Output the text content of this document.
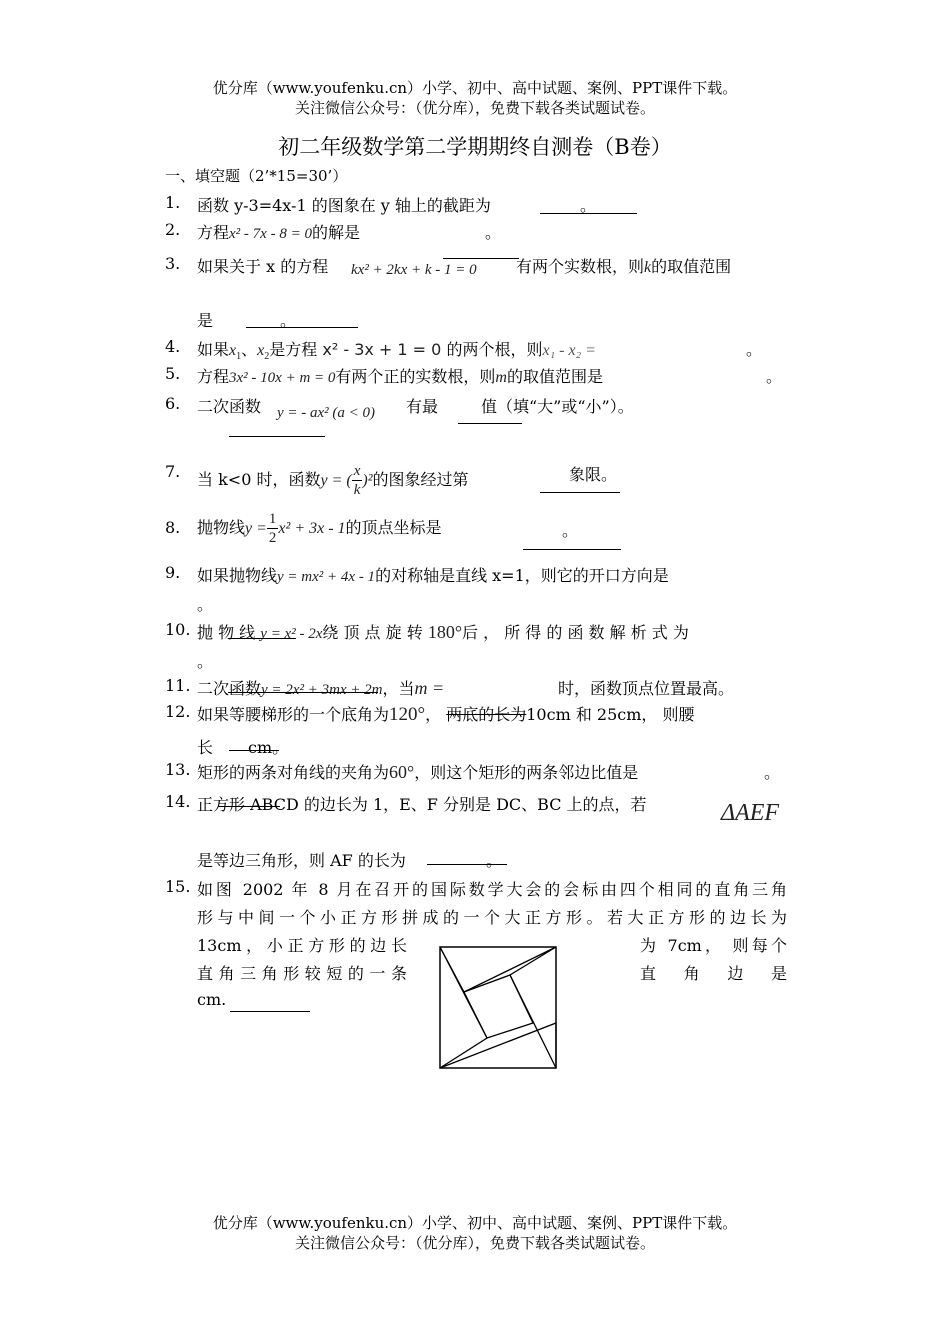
优分库（www.youfenku.cn）小学、初中、高中试题、案例、PPT课件下载。
关注微信公众号：（优分库），免费下载各类试题试卷。
初二年级数学第二学期期终自测卷（B卷）
一、填空题（2’*15=30’）
1. 函数 y-3=4x-1 的图象在 y 轴上的截距为	。
2. 方程x² - 7x - 8 = 0的解是	。
3. 如果关于 x 的方程 kx² + 2kx + k - 1 = 0 有两个实数根，则k的取值范围
是	。
4. 如果$x_1$、$x_2$是方程 x² - 3x + 1 = 0 的两个根，则x₁ - x₂ =	。
5. 方程3x² - 10x + m = 0有两个正的实数根，则m的取值范围是	。
6. 二次函数 y = - ax² (a < 0) 有最	值（填“大”或“小”）。
7. 当 k<0 时，函数y = ( $\frac{x}{k} )^2$的图象经过第	象限。
8. 抛物线$y = \frac{1}{2} x^2 + 3x - 1$的顶点坐标是	。
9. 如果抛物线y = mx² + 4x - 1的对称轴是直线 x=1，则它的开口方向是
。
10. 抛 物 线 y = x² - 2x绕 顶 点 旋 转 180°后 ， 所 得 的 函 数 解 析 式 为
。
11. 二次函数y = 2x² + 3mx + 2m，当m =	时，函数顶点位置最高。
12. 如果等腰梯形的一个底角为120°， 两底的长为10cm 和 25cm， 则腰
长 cm。
13. 矩形的两条对角线的夹角为60°，则这个矩形的两条邻边比值是	。
14. 正方形 ABCD 的边长为 1，E、F 分别是 DC、BC 上的点，若	ΔAEF
是等边三角形，则 AF 的长为	。
15. 如图 2002 年 8 月在召开的国际数学大会的会标由四个相同的直角三角
形与中间一个小正方形拼成的一个大正方形。若大正方形的边长为
13cm，小正方形的边长	为 7cm， 则每个
直角三角形较短的一条	直 角 边 是
cm.
优分库（www.youfenku.cn）小学、初中、高中试题、案例、PPT课件下载。
关注微信公众号：（优分库），免费下载各类试题试卷。
